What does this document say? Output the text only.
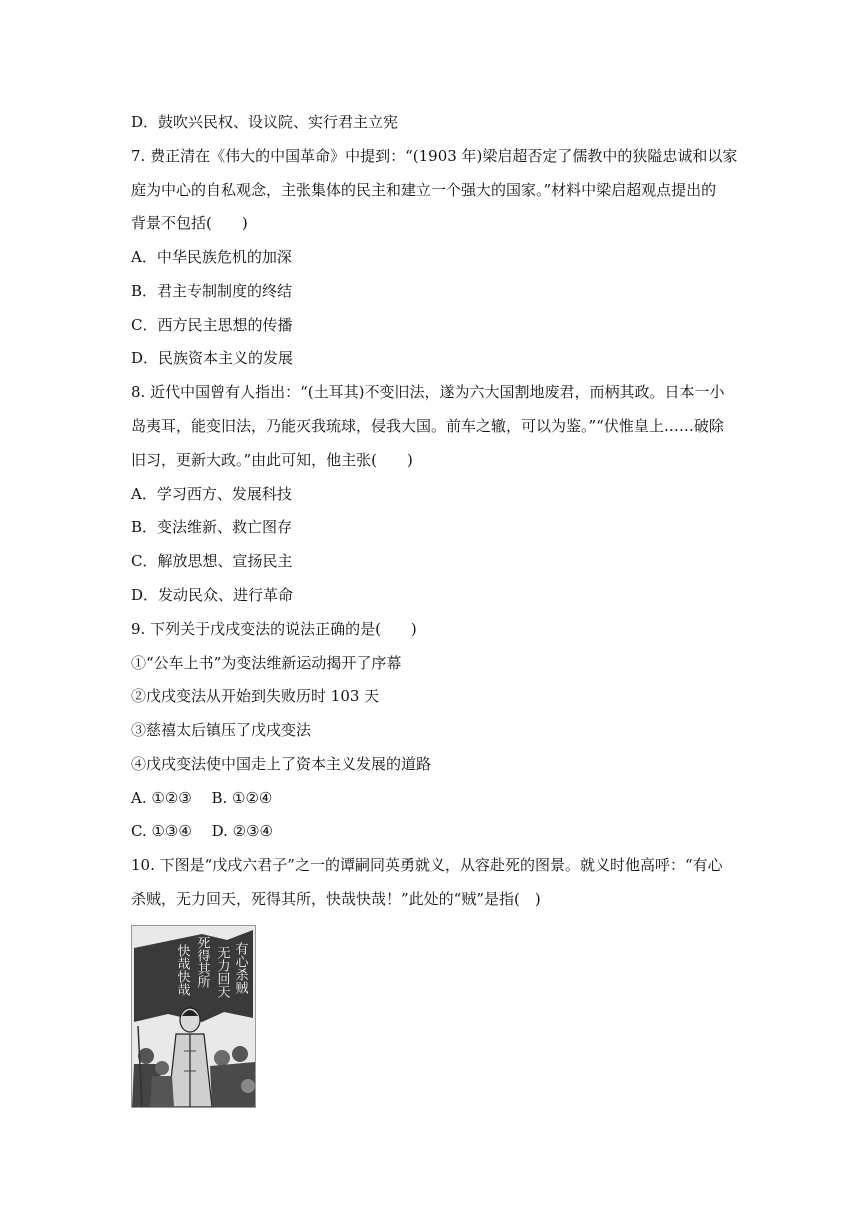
D．鼓吹兴民权、设议院、实行君主立宪
7. 费正清在《伟大的中国革命》中提到：“(1903 年)梁启超否定了儒教中的狭隘忠诚和以家
庭为中心的自私观念，主张集体的民主和建立一个强大的国家。”材料中梁启超观点提出的
背景不包括(　　)
A．中华民族危机的加深
B．君主专制制度的终结
C．西方民主思想的传播
D．民族资本主义的发展
8. 近代中国曾有人指出：“(土耳其)不变旧法，遂为六大国割地废君，而柄其政。日本一小
岛夷耳，能变旧法，乃能灭我琉球，侵我大国。前车之辙，可以为鉴。”“伏惟皇上……破除
旧习，更新大政。”由此可知，他主张(　　)
A．学习西方、发展科技
B．变法维新、救亡图存
C．解放思想、宣扬民主
D．发动民众、进行革命
9. 下列关于戊戌变法的说法正确的是(　　)
①“公车上书”为变法维新运动揭开了序幕
②戊戌变法从开始到失败历时 103 天
③慈禧太后镇压了戊戌变法
④戊戌变法使中国走上了资本主义发展的道路
A. ①②③　 B. ①②④
C. ①③④　 D. ②③④
10. 下图是“戊戌六君子”之一的谭嗣同英勇就义，从容赴死的图景。就义时他高呼：“有心
杀贼，无力回天，死得其所，快哉快哉！”此处的“贼”是指(　)
有心杀贼
无力回天
死得其所
快哉快哉
